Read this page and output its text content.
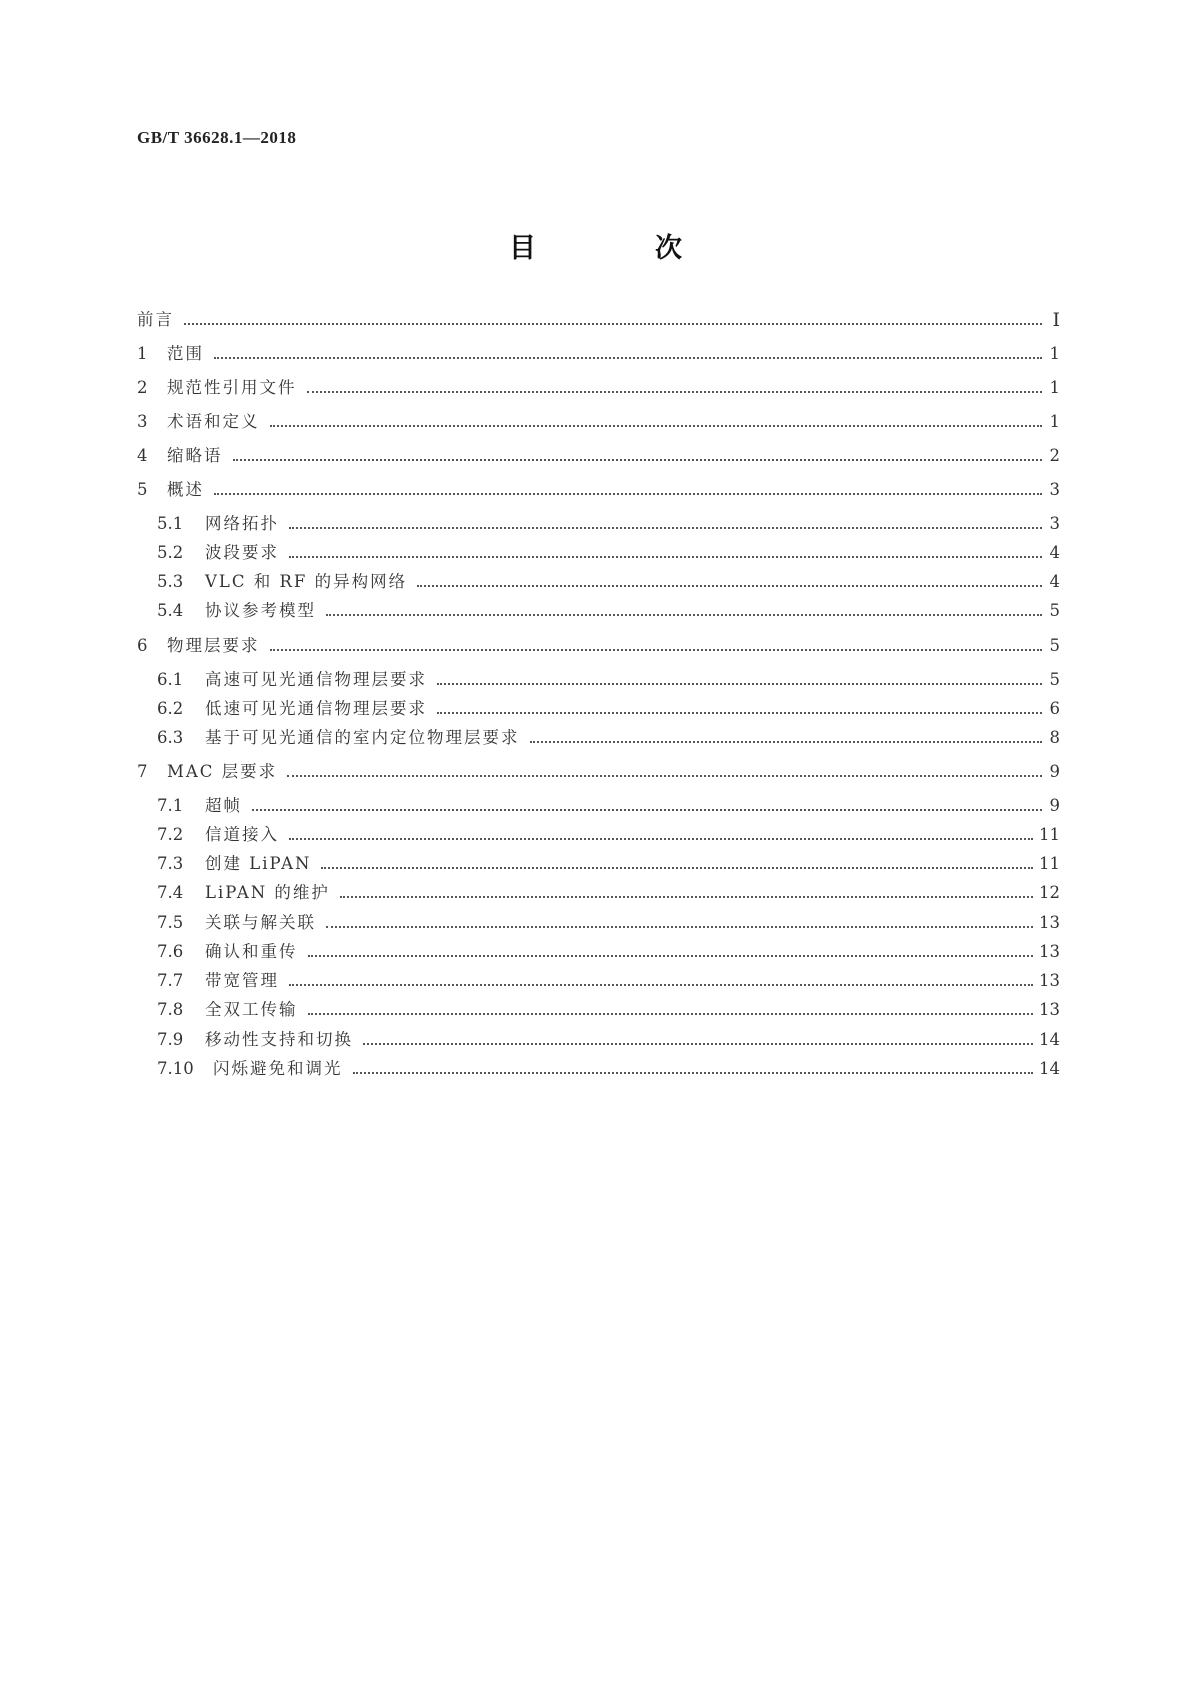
GB/T 36628.1—2018
目　次
前言	Ⅰ
1	范围	1
2	规范性引用文件	1
3	术语和定义	1
4	缩略语	2
5	概述	3
5.1	网络拓扑	3
5.2	波段要求	4
5.3	VLC 和 RF 的异构网络	4
5.4	协议参考模型	5
6	物理层要求	5
6.1	高速可见光通信物理层要求	5
6.2	低速可见光通信物理层要求	6
6.3	基于可见光通信的室内定位物理层要求	8
7	MAC 层要求	9
7.1	超帧	9
7.2	信道接入	11
7.3	创建 LiPAN	11
7.4	LiPAN 的维护	12
7.5	关联与解关联	13
7.6	确认和重传	13
7.7	带宽管理	13
7.8	全双工传输	13
7.9	移动性支持和切换	14
7.10	闪烁避免和调光	14
